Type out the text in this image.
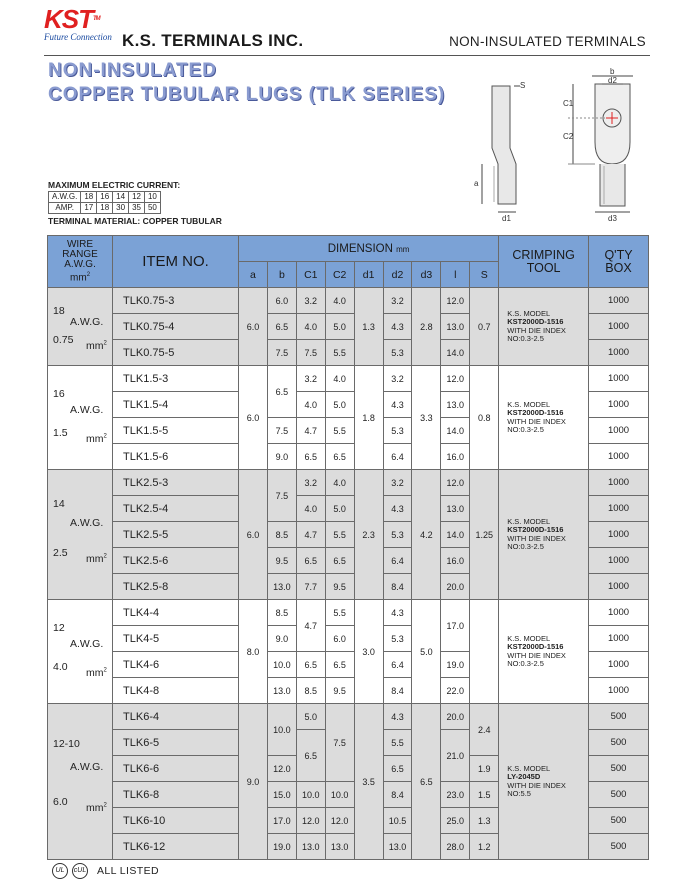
KST™
Future Connection K.S. TERMINALS INC.	NON-INSULATED TERMINALS
NON-INSULATED
COPPER TUBULAR LUGS (TLK SERIES)
b
d2
S
C1
C2
a
d1	d3
MAXIMUM ELECTRIC CURRENT:
A.W.G.	18	16	14	12	10
AMP.	17	18	30	35	50
TERMINAL MATERIAL: COPPER TUBULAR
WIRE
RANGE
A.W.G.
$mm^2$	ITEM NO.	DIMENSION mm									CRIMPING
TOOL	Q'TY
BOX
		a	b	C1	C2	d1	d2	d3	l	S		

18
A.W.G.
0.75 $mm^2$	TLK0.75-3	6.0	6.0	3.2	4.0	1.3	3.2	2.8	12.0	0.7	K.S. MODEL
KST2000D-1516
WITH DIE INDEX
NO:0.3-2.5	1000
	TLK0.75-4		6.5	4.0	5.0		4.3		13.0			1000
	TLK0.75-5		7.5	7.5	5.5		5.3		14.0			1000

16
A.W.G.
1.5 $mm^2$	TLK1.5-3	6.0	6.5	3.2	4.0	1.8	3.2	3.3	12.0	0.8	K.S. MODEL
KST2000D-1516
WITH DIE INDEX
NO:0.3-2.5	1000
	TLK1.5-4			4.0	5.0		4.3		13.0			1000
	TLK1.5-5		7.5	4.7	5.5		5.3		14.0			1000
	TLK1.5-6		9.0	6.5	6.5		6.4		16.0			1000

14
A.W.G.
2.5 $mm^2$	TLK2.5-3	6.0	7.5	3.2	4.0	2.3	3.2	4.2	12.0	1.25	K.S. MODEL
KST2000D-1516
WITH DIE INDEX
NO:0.3-2.5	1000
	TLK2.5-4			4.0	5.0		4.3		13.0			1000
	TLK2.5-5		8.5	4.7	5.5		5.3		14.0			1000
	TLK2.5-6		9.5	6.5	6.5		6.4		16.0			1000
	TLK2.5-8		13.0	7.7	9.5		8.4		20.0			1000

12
A.W.G.
4.0 $mm^2$	TLK4-4	8.0	8.5	4.7	5.5	3.0	4.3	5.0	17.0		K.S. MODEL
KST2000D-1516
WITH DIE INDEX
NO:0.3-2.5	1000
	TLK4-5		9.0		6.0		5.3					1000
	TLK4-6		10.0	6.5	6.5		6.4		19.0			1000
	TLK4-8		13.0	8.5	9.5		8.4		22.0			1000

12-10
A.W.G.
6.0 $mm^2$	TLK6-4	9.0	10.0	5.0	7.5	3.5	4.3	6.5	20.0	2.4	K.S. MODEL
LY-2045D
WITH DIE INDEX
NO:5.5	500
	TLK6-5			6.5			5.5		21.0			500
	TLK6-6		12.0				6.5			1.9		500
	TLK6-8		15.0	10.0	10.0		8.4		23.0	1.5		500
	TLK6-10		17.0	12.0	12.0		10.5		25.0	1.3		500
	TLK6-12		19.0	13.0	13.0		13.0		28.0	1.2		500
UL	cUL ALL LISTED
